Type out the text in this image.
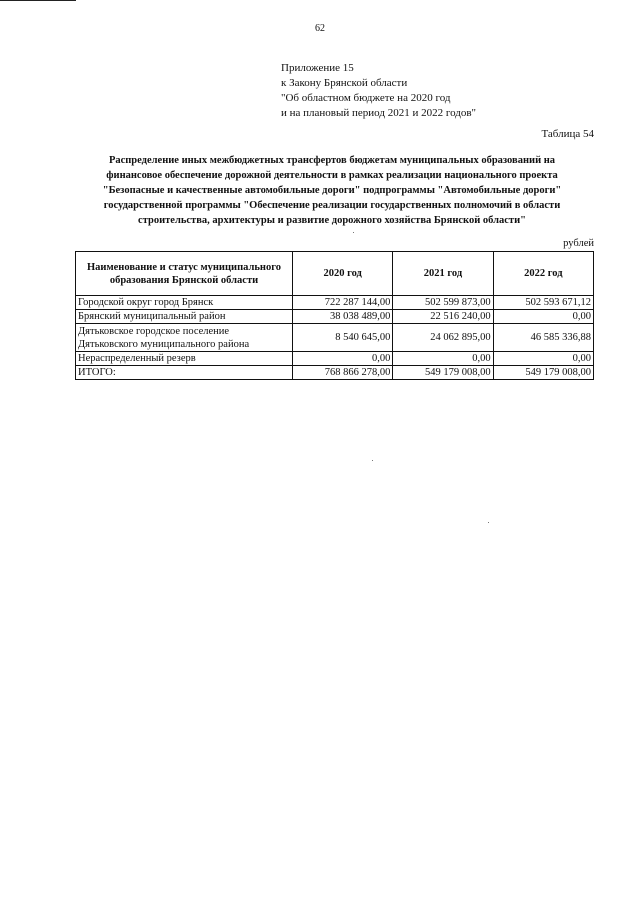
62
Приложение 15
к Закону Брянской области
"Об областном бюджете на 2020 год
и на плановый период 2021 и 2022 годов"
Таблица 54
Распределение иных межбюджетных трансфертов бюджетам муниципальных образований на
финансовое обеспечение дорожной деятельности в рамках реализации национального проекта
"Безопасные и качественные автомобильные дороги" подпрограммы "Автомобильные дороги"
государственной программы "Обеспечение реализации государственных полномочий в области
строительства, архитектуры и развитие дорожного хозяйства Брянской области"
рублей
Наименование и статус муниципального образования Брянской области	2020 год	2021 год	2022 год

Городской округ город Брянск	722 287 144,00	502 599 873,00	502 593 671,12

Брянский муниципальный район	38 038 489,00	22 516 240,00	0,00

Дятьковское городское поселение
Дятьковского муниципального района	8 540 645,00	24 062 895,00	46 585 336,88

Нераспределенный резерв	0,00	0,00	0,00

ИТОГО:	768 866 278,00	549 179 008,00	549 179 008,00
